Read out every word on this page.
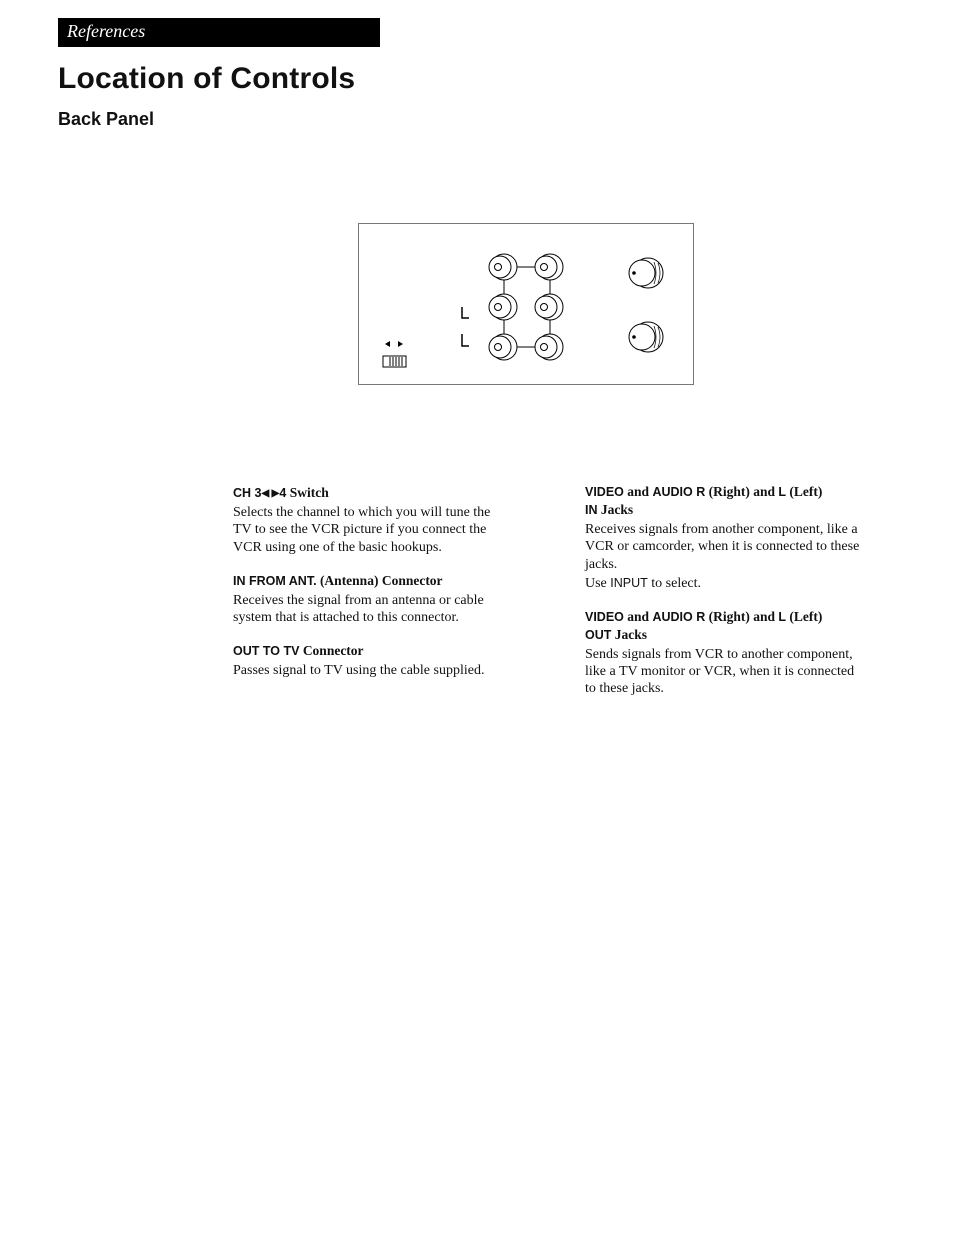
References
Location of Controls
Back Panel
CH 3◀ ▶4 Switch
Selects the channel to which you will tune the TV to see the VCR picture if you connect the VCR using one of the basic hookups.
IN FROM ANT. (Antenna) Connector
Receives the signal from an antenna or cable system that is attached to this connector.
OUT TO TV Connector
Passes signal to TV using the cable supplied.
VIDEO and AUDIO R (Right) and L (Left)
IN Jacks
Receives signals from another component, like a VCR or camcorder, when it is connected to these jacks.
Use INPUT to select.
VIDEO and AUDIO R (Right) and L (Left)
OUT Jacks
Sends signals from VCR to another component, like a TV monitor or VCR, when it is connected to these jacks.
